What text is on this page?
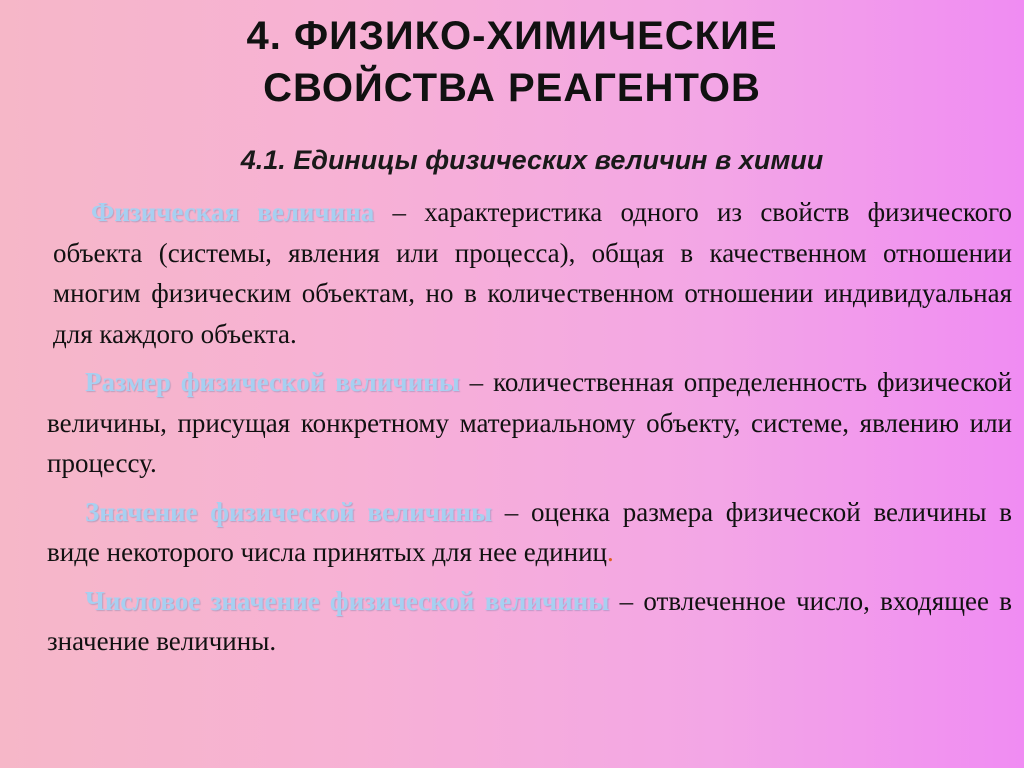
4. ФИЗИКО-ХИМИЧЕСКИЕ
СВОЙСТВА РЕАГЕНТОВ
4.1. Единицы физических величин в химии

Физическая величина – характеристика одного из свойств физического объекта (системы, явления или процесса), общая в качественном отношении многим физическим объектам, но в количественном отношении индивидуальная для каждого объекта.

Размер физической величины – количественная определенность физической величины, присущая конкретному материальному объекту, системе, явлению или процессу.

Значение физической величины – оценка размера физической величины в виде некоторого числа принятых для нее единиц.

Числовое значение физической величины – отвлеченное число, входящее в значение величины.
